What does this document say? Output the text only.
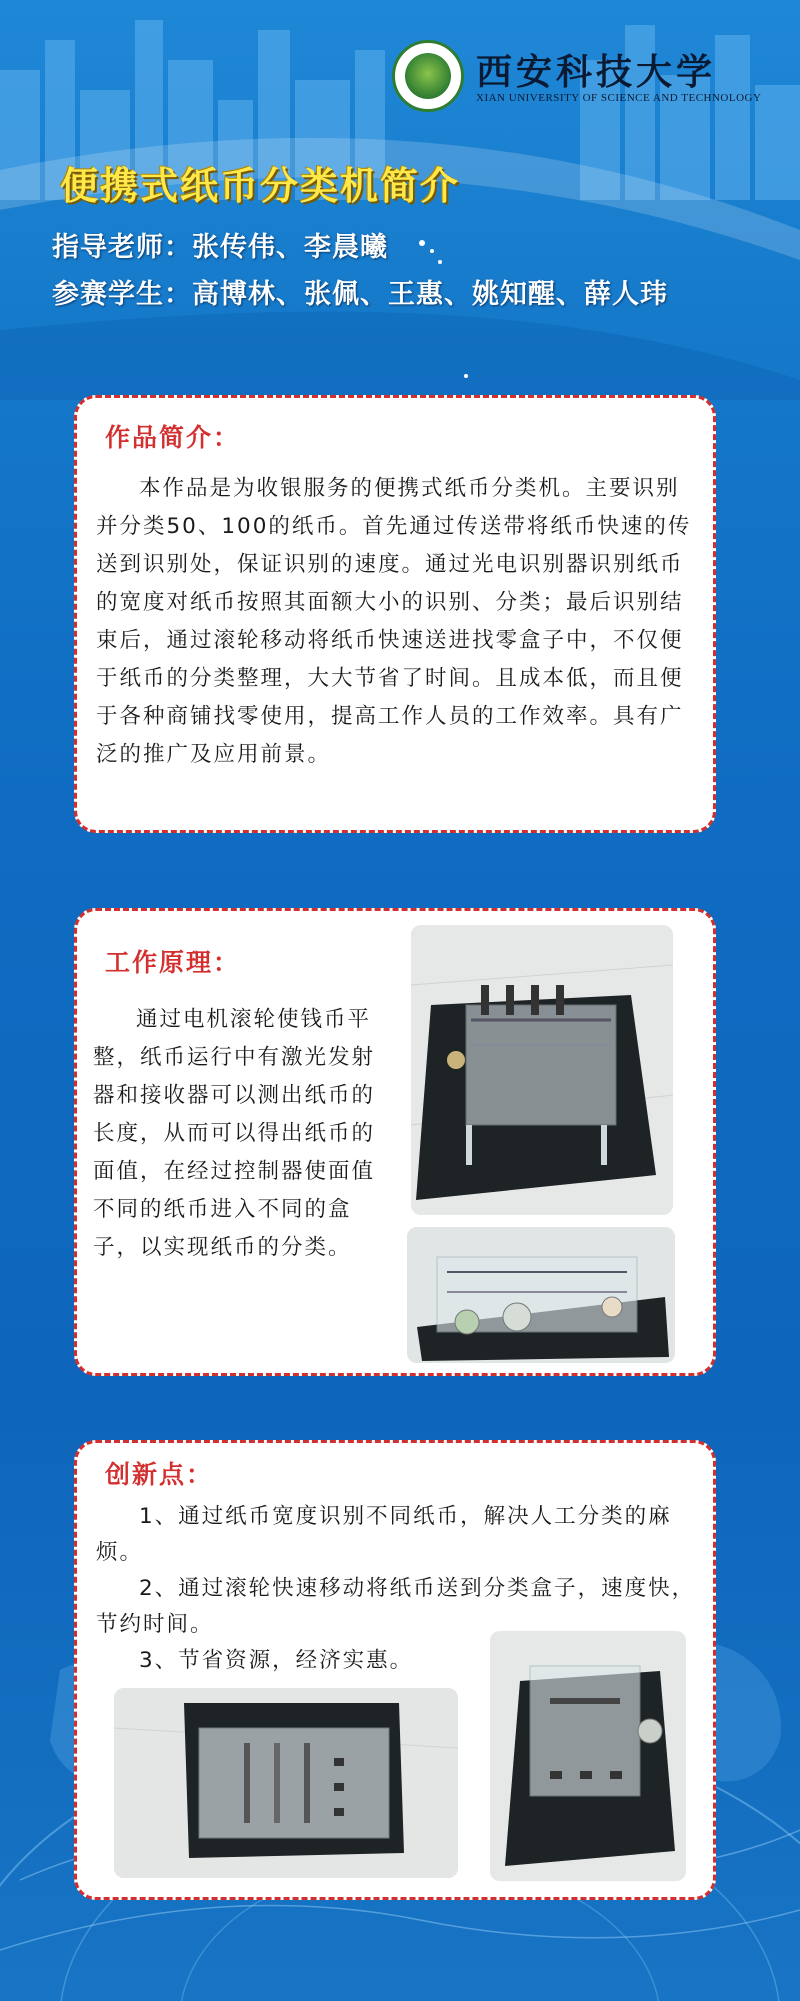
西安科技大学
XIAN UNIVERSITY OF SCIENCE AND TECHNOLOGY
便携式纸币分类机简介
指导老师：张传伟、李晨曦
参赛学生：高博林、张佩、王惠、姚知醒、薛人玮
作品简介：
本作品是为收银服务的便携式纸币分类机。主要识别并分类50、100的纸币。首先通过传送带将纸币快速的传送到识别处，保证识别的速度。通过光电识别器识别纸币的宽度对纸币按照其面额大小的识别、分类；最后识别结束后，通过滚轮移动将纸币快速送进找零盒子中，不仅便于纸币的分类整理，大大节省了时间。且成本低，而且便于各种商铺找零使用，提高工作人员的工作效率。具有广泛的推广及应用前景。
工作原理：
通过电机滚轮使钱币平整，纸币运行中有激光发射器和接收器可以测出纸币的长度，从而可以得出纸币的面值，在经过控制器使面值不同的纸币进入不同的盒子，以实现纸币的分类。
创新点：
1、通过纸币宽度识别不同纸币，解决人工分类的麻烦。
2、通过滚轮快速移动将纸币送到分类盒子，速度快，节约时间。
3、节省资源，经济实惠。
